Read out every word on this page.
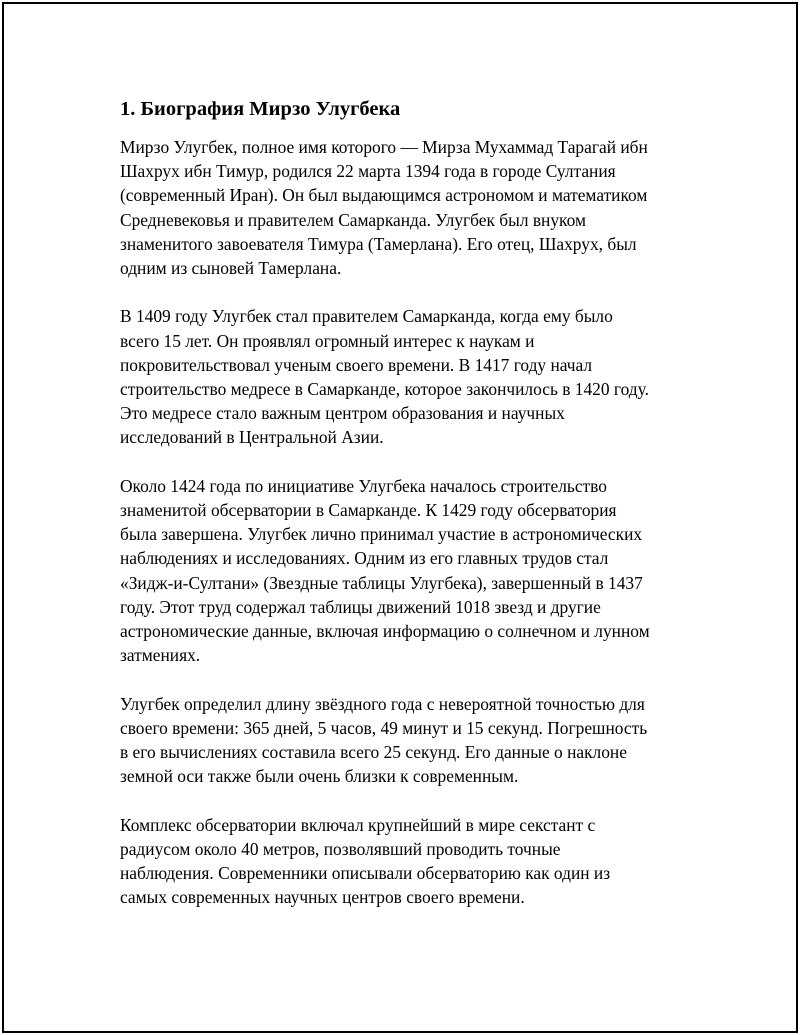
1. Биография Мирзо Улугбека

Мирзо Улугбек, полное имя которого — Мирза Мухаммад Тарагай ибн
Шахрух ибн Тимур, родился 22 марта 1394 года в городе Султания
(современный Иран). Он был выдающимся астрономом и математиком
Средневековья и правителем Самарканда. Улугбек был внуком
знаменитого завоевателя Тимура (Тамерлана). Его отец, Шахрух, был
одним из сыновей Тамерлана.

В 1409 году Улугбек стал правителем Самарканда, когда ему было
всего 15 лет. Он проявлял огромный интерес к наукам и
покровительствовал ученым своего времени. В 1417 году начал
строительство медресе в Самарканде, которое закончилось в 1420 году.
Это медресе стало важным центром образования и научных
исследований в Центральной Азии.

Около 1424 года по инициативе Улугбека началось строительство
знаменитой обсерватории в Самарканде. К 1429 году обсерватория
была завершена. Улугбек лично принимал участие в астрономических
наблюдениях и исследованиях. Одним из его главных трудов стал
«Зидж-и-Султани» (Звездные таблицы Улугбека), завершенный в 1437
году. Этот труд содержал таблицы движений 1018 звезд и другие
астрономические данные, включая информацию о солнечном и лунном
затмениях.

Улугбек определил длину звёздного года с невероятной точностью для
своего времени: 365 дней, 5 часов, 49 минут и 15 секунд. Погрешность
в его вычислениях составила всего 25 секунд. Его данные о наклоне
земной оси также были очень близки к современным.

Комплекс обсерватории включал крупнейший в мире секстант с
радиусом около 40 метров, позволявший проводить точные
наблюдения. Современники описывали обсерваторию как один из
самых современных научных центров своего времени.
